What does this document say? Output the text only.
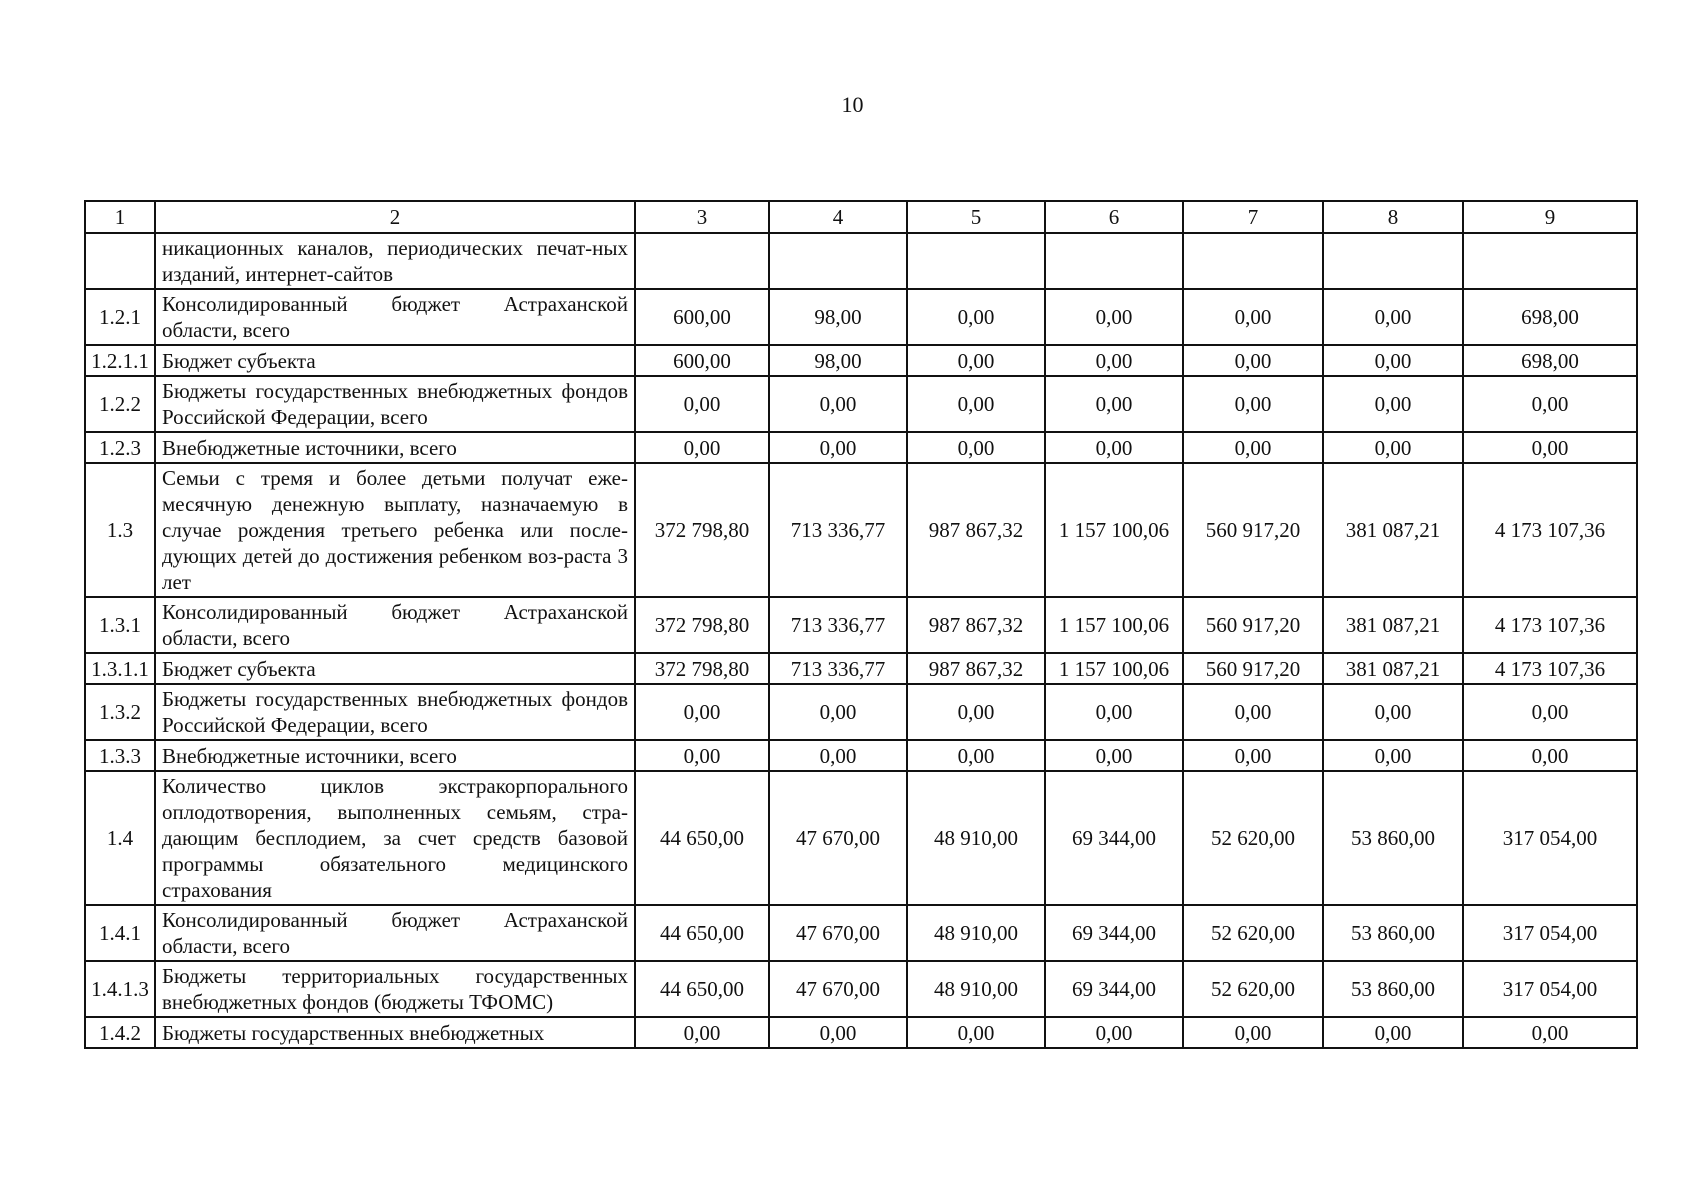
10
1	2	3	4	5	6	7	8	9
	никационных каналов, периодических печат-ных изданий, интернет-сайтов							
1.2.1	Консолидированный бюджет Астраханской области, всего	600,00	98,00	0,00	0,00	0,00	0,00	698,00
1.2.1.1	Бюджет субъекта	600,00	98,00	0,00	0,00	0,00	0,00	698,00
1.2.2	Бюджеты государственных внебюджетных фондов Российской Федерации, всего	0,00	0,00	0,00	0,00	0,00	0,00	0,00
1.2.3	Внебюджетные источники, всего	0,00	0,00	0,00	0,00	0,00	0,00	0,00
1.3	Семьи с тремя и более детьми получат еже-месячную денежную выплату, назначаемую в случае рождения третьего ребенка или после-дующих детей до достижения ребенком воз-раста 3 лет	372 798,80	713 336,77	987 867,32	1 157 100,06	560 917,20	381 087,21	4 173 107,36
1.3.1	Консолидированный бюджет Астраханской области, всего	372 798,80	713 336,77	987 867,32	1 157 100,06	560 917,20	381 087,21	4 173 107,36
1.3.1.1	Бюджет субъекта	372 798,80	713 336,77	987 867,32	1 157 100,06	560 917,20	381 087,21	4 173 107,36
1.3.2	Бюджеты государственных внебюджетных фондов Российской Федерации, всего	0,00	0,00	0,00	0,00	0,00	0,00	0,00
1.3.3	Внебюджетные источники, всего	0,00	0,00	0,00	0,00	0,00	0,00	0,00
1.4	Количество циклов экстракорпорального оплодотворения, выполненных семьям, стра-дающим бесплодием, за счет средств базовой программы обязательного медицинского страхования	44 650,00	47 670,00	48 910,00	69 344,00	52 620,00	53 860,00	317 054,00
1.4.1	Консолидированный бюджет Астраханской области, всего	44 650,00	47 670,00	48 910,00	69 344,00	52 620,00	53 860,00	317 054,00
1.4.1.3	Бюджеты территориальных государственных внебюджетных фондов (бюджеты ТФОМС)	44 650,00	47 670,00	48 910,00	69 344,00	52 620,00	53 860,00	317 054,00
1.4.2	Бюджеты государственных внебюджетных	0,00	0,00	0,00	0,00	0,00	0,00	0,00
